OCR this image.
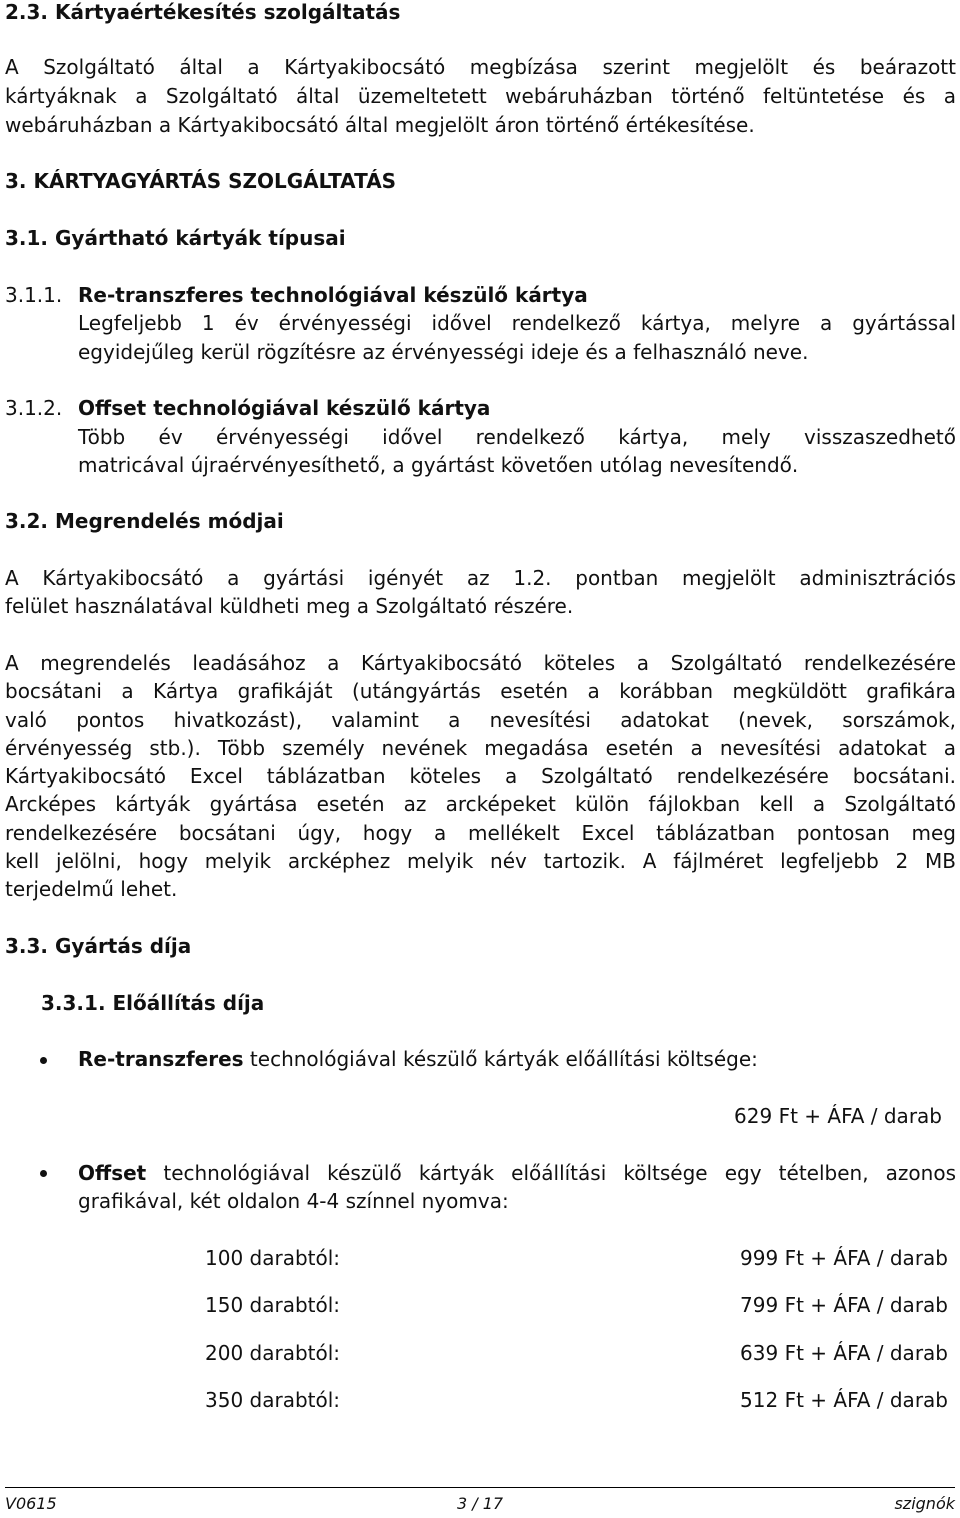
2.3. Kártyaértékesítés szolgáltatás
A Szolgáltató által a Kártyakibocsátó megbízása szerint megjelölt és beárazott
kártyáknak a Szolgáltató által üzemeltetett webáruházban történő feltüntetése és a
webáruházban a Kártyakibocsátó által megjelölt áron történő értékesítése.
3. KÁRTYAGYÁRTÁS SZOLGÁLTATÁS
3.1. Gyártható kártyák típusai
3.1.1. Re-transzferes technológiával készülő kártya
Legfeljebb 1 év érvényességi idővel rendelkező kártya, melyre a gyártással
egyidejűleg kerül rögzítésre az érvényességi ideje és a felhasználó neve.
3.1.2. Offset technológiával készülő kártya
Több év érvényességi idővel rendelkező kártya, mely visszaszedhető
matricával újraérvényesíthető, a gyártást követően utólag nevesítendő.
3.2. Megrendelés módjai
A Kártyakibocsátó a gyártási igényét az 1.2. pontban megjelölt adminisztrációs
felület használatával küldheti meg a Szolgáltató részére.
A megrendelés leadásához a Kártyakibocsátó köteles a Szolgáltató rendelkezésére
bocsátani a Kártya grafikáját (utángyártás esetén a korábban megküldött grafikára
való pontos hivatkozást), valamint a nevesítési adatokat (nevek, sorszámok,
érvényesség stb.). Több személy nevének megadása esetén a nevesítési adatokat a
Kártyakibocsátó Excel táblázatban köteles a Szolgáltató rendelkezésére bocsátani.
Arcképes kártyák gyártása esetén az arcképeket külön fájlokban kell a Szolgáltató
rendelkezésére bocsátani úgy, hogy a mellékelt Excel táblázatban pontosan meg
kell jelölni, hogy melyik arcképhez melyik név tartozik. A fájlméret legfeljebb 2 MB
terjedelmű lehet.
3.3. Gyártás díja
3.3.1. Előállítás díja
Re-transzferes technológiával készülő kártyák előállítási költsége:
629 Ft + ÁFA / darab
Offset technológiával készülő kártyák előállítási költsége egy tételben, azonos
grafikával, két oldalon 4-4 színnel nyomva:
100 darabtól:	999 Ft + ÁFA / darab
150 darabtól:	799 Ft + ÁFA / darab
200 darabtól:	639 Ft + ÁFA / darab
350 darabtól:	512 Ft + ÁFA / darab
V0615	3 / 17	szignók
